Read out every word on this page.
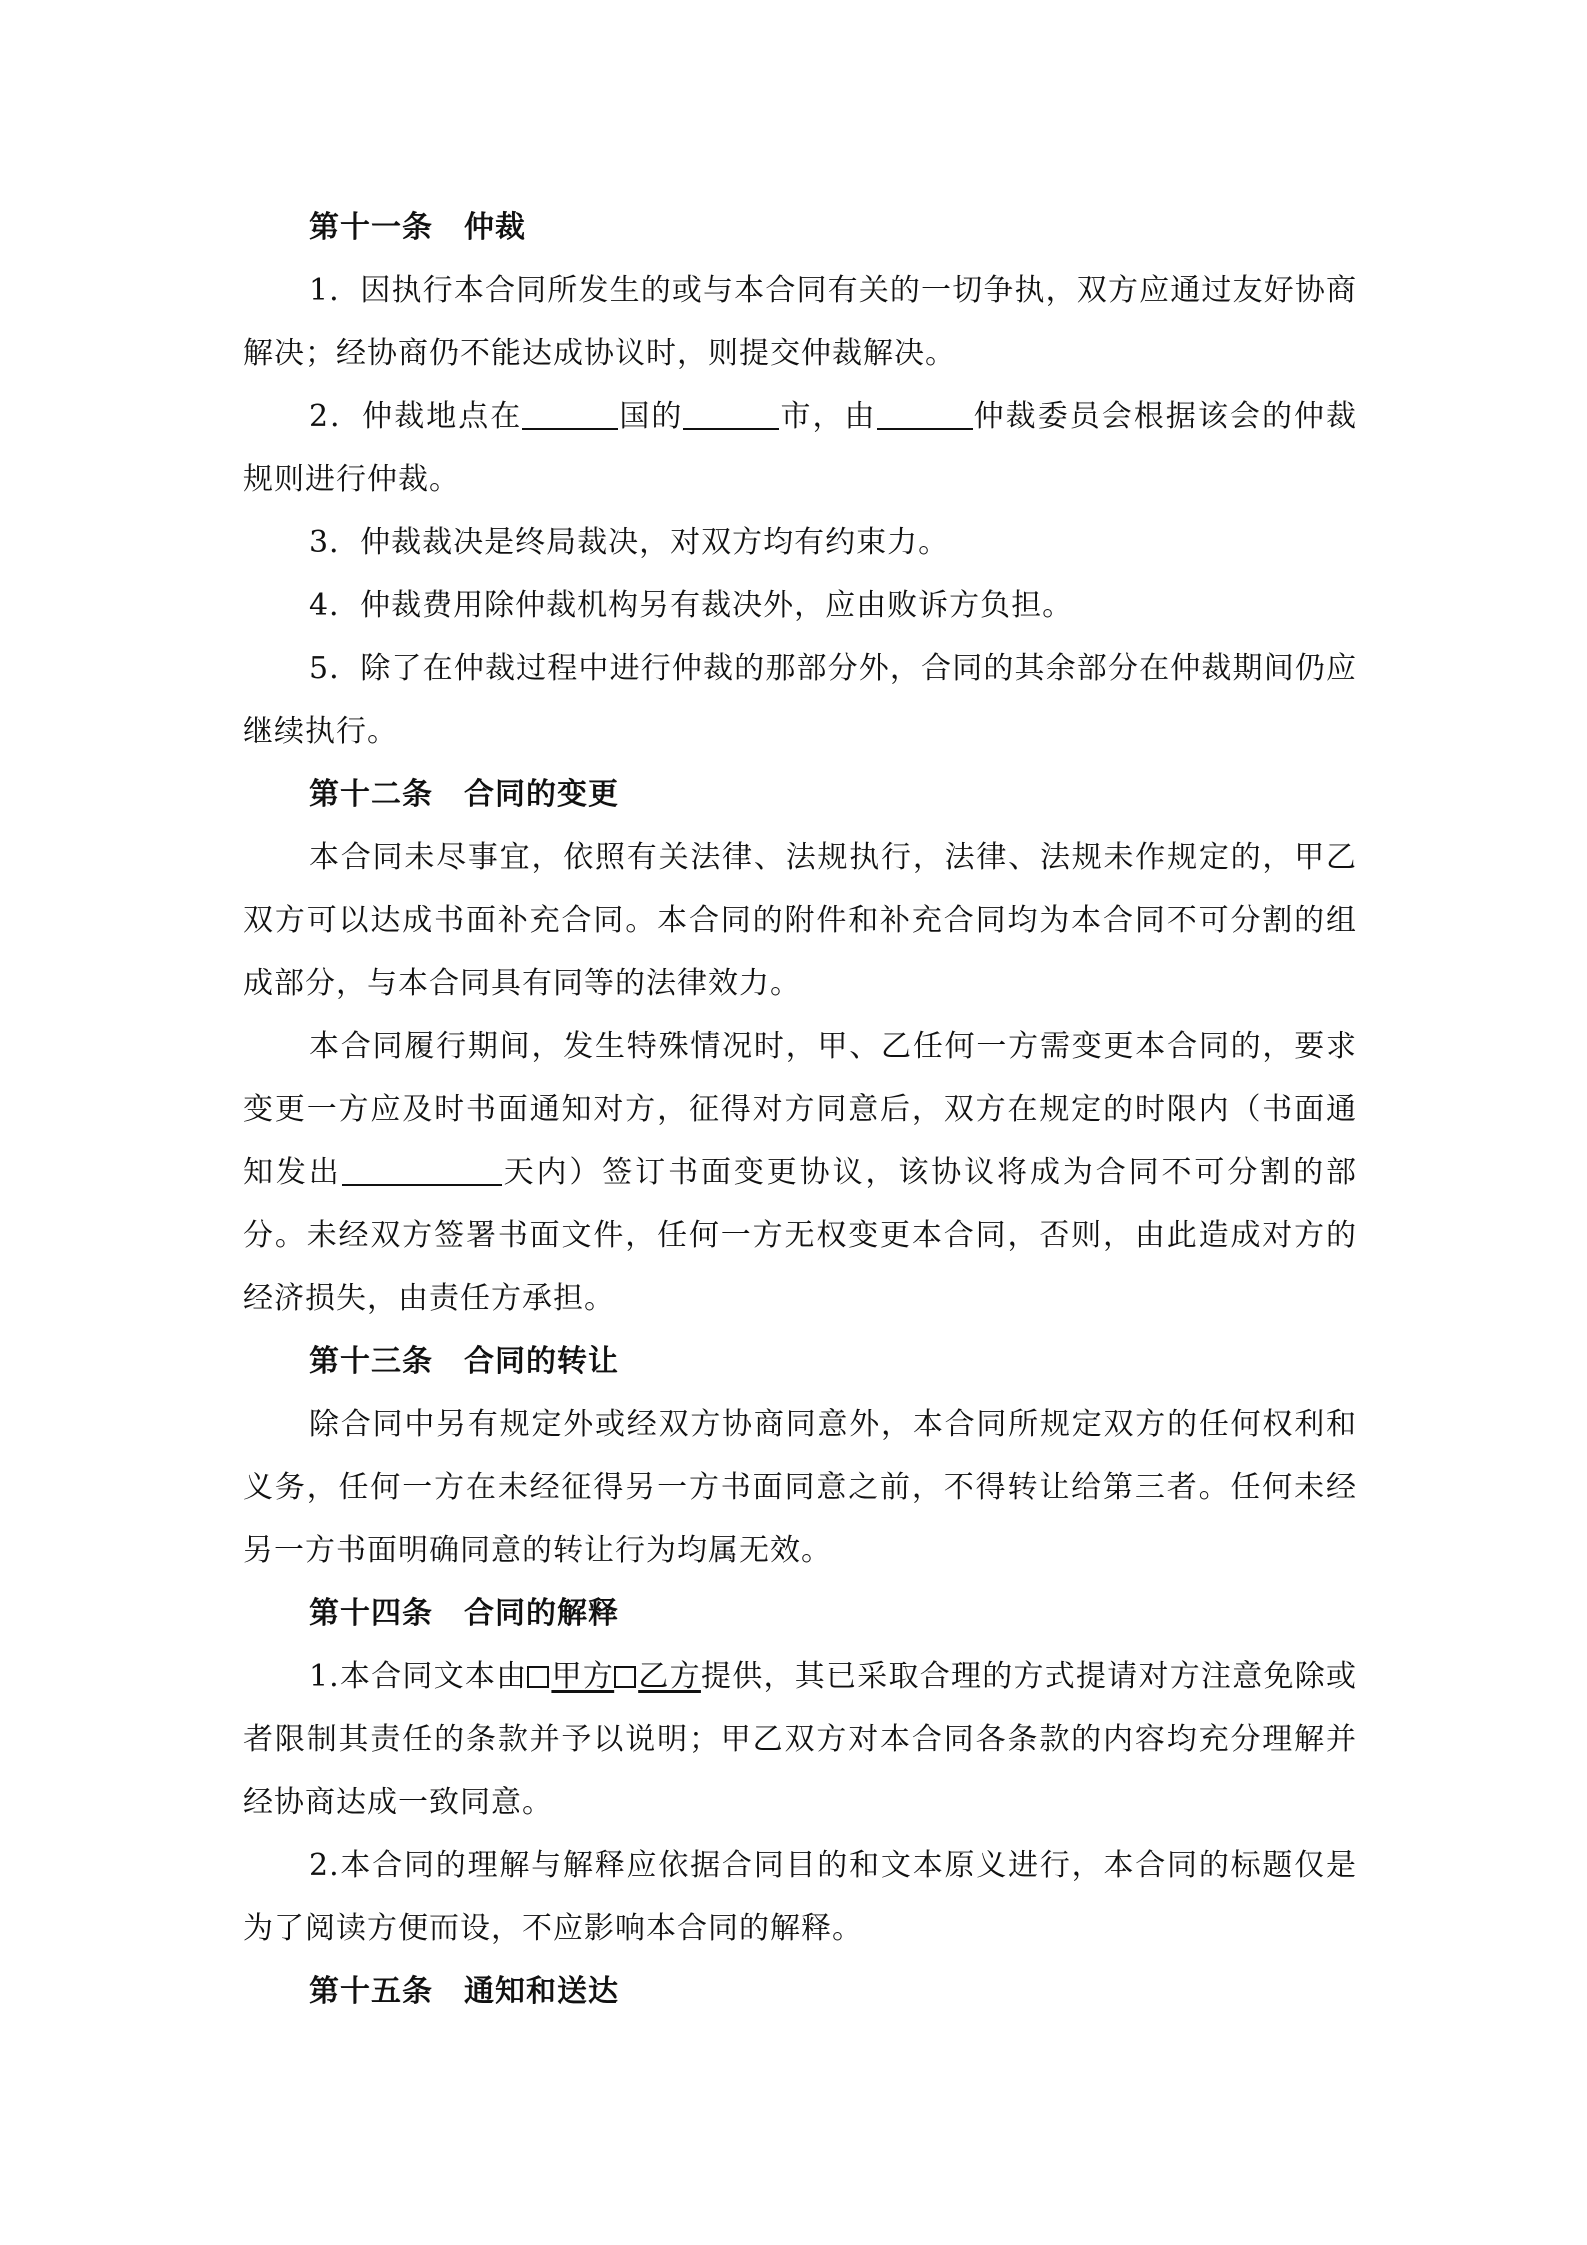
第十一条　仲裁

1．因执行本合同所发生的或与本合同有关的一切争执，双方应通过友好协商解决；经协商仍不能达成协议时，则提交仲裁解决。

2．仲裁地点在	国的	市，由	仲裁委员会根据该会的仲裁规则进行仲裁。

3．仲裁裁决是终局裁决，对双方均有约束力。

4．仲裁费用除仲裁机构另有裁决外，应由败诉方负担。

5．除了在仲裁过程中进行仲裁的那部分外，合同的其余部分在仲裁期间仍应继续执行。

第十二条　合同的变更

本合同未尽事宜，依照有关法律、法规执行，法律、法规未作规定的，甲乙双方可以达成书面补充合同。本合同的附件和补充合同均为本合同不可分割的组成部分，与本合同具有同等的法律效力。

本合同履行期间，发生特殊情况时，甲、乙任何一方需变更本合同的，要求变更一方应及时书面通知对方，征得对方同意后，双方在规定的时限内（书面通知发出	天内）签订书面变更协议，该协议将成为合同不可分割的部分。未经双方签署书面文件，任何一方无权变更本合同，否则，由此造成对方的经济损失，由责任方承担。

第十三条　合同的转让

除合同中另有规定外或经双方协商同意外，本合同所规定双方的任何权利和义务，任何一方在未经征得另一方书面同意之前，不得转让给第三者。任何未经另一方书面明确同意的转让行为均属无效。

第十四条　合同的解释

1.本合同文本由 甲方 乙方提供，其已采取合理的方式提请对方注意免除或者限制其责任的条款并予以说明；甲乙双方对本合同各条款的内容均充分理解并经协商达成一致同意。

2.本合同的理解与解释应依据合同目的和文本原义进行，本合同的标题仅是为了阅读方便而设，不应影响本合同的解释。

第十五条　通知和送达
